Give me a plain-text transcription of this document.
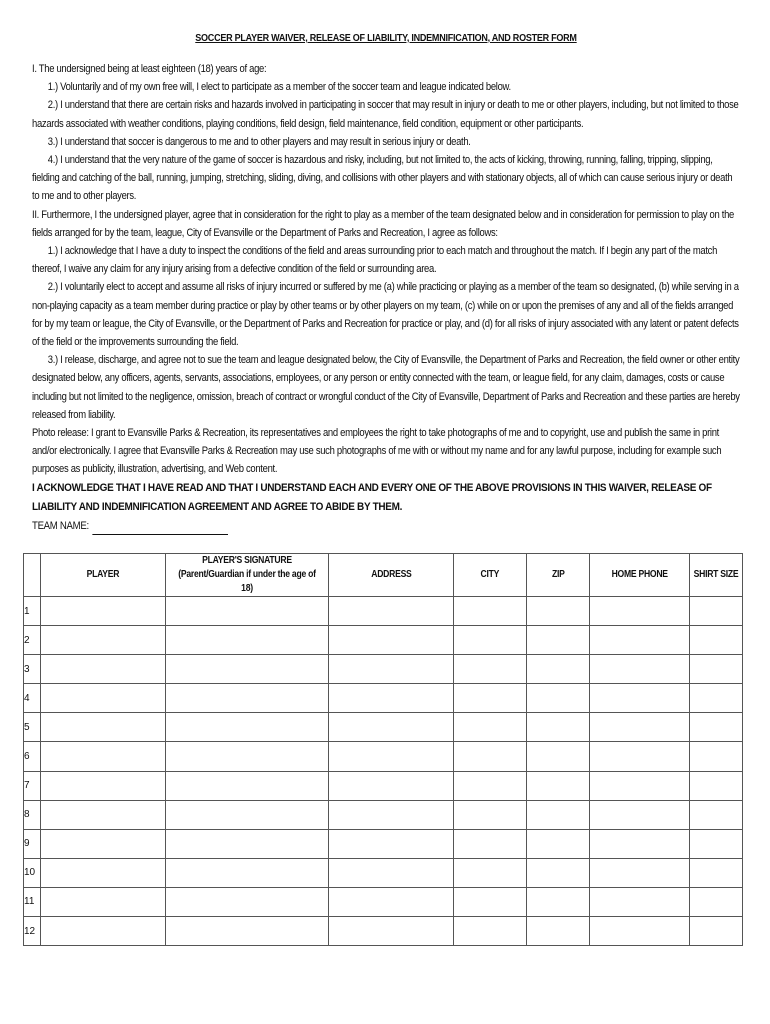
SOCCER PLAYER WAIVER, RELEASE OF LIABILITY, INDEMNIFICATION, AND ROSTER FORM

I. The undersigned being at least eighteen (18) years of age:

1.) Voluntarily and of my own free will, I elect to participate as a member of the soccer team and league indicated below.

2.) I understand that there are certain risks and hazards involved in participating in soccer that may result in injury or death to me or other players, including, but not limited to those hazards associated with weather conditions, playing conditions, field design, field maintenance, field condition, equipment or other participants.

3.) I understand that soccer is dangerous to me and to other players and may result in serious injury or death.

4.) I understand that the very nature of the game of soccer is hazardous and risky, including, but not limited to, the acts of kicking, throwing, running, falling, tripping, slipping, fielding and catching of the ball, running, jumping, stretching, sliding, diving, and collisions with other players and with stationary objects, all of which can cause serious injury or death to me and to other players.

II. Furthermore, I the undersigned player, agree that in consideration for the right to play as a member of the team designated below and in consideration for permission to play on the fields arranged for by the team, league, City of Evansville or the Department of Parks and Recreation, I agree as follows:

1.) I acknowledge that I have a duty to inspect the conditions of the field and areas surrounding prior to each match and throughout the match. If I begin any part of the match thereof, I waive any claim for any injury arising from a defective condition of the field or surrounding area.

2.) I voluntarily elect to accept and assume all risks of injury incurred or suffered by me (a) while practicing or playing as a member of the team so designated, (b) while serving in a non-playing capacity as a team member during practice or play by other teams or by other players on my team, (c) while on or upon the premises of any and all of the fields arranged for by my team or league, the City of Evansville, or the Department of Parks and Recreation for practice or play, and (d) for all risks of injury associated with any latent or patent defects of the field or the improvements surrounding the field.

3.) I release, discharge, and agree not to sue the team and league designated below, the City of Evansville, the Department of Parks and Recreation, the field owner or other entity designated below, any officers, agents, servants, associations, employees, or any person or entity connected with the team, or league field, for any claim, damages, costs or cause including but not limited to the negligence, omission, breach of contract or wrongful conduct of the City of Evansville, Department of Parks and Recreation and these parties are hereby released from liability.

Photo release: I grant to Evansville Parks & Recreation, its representatives and employees the right to take photographs of me and to copyright, use and publish the same in print and/or electronically. I agree that Evansville Parks & Recreation may use such photographs of me with or without my name and for any lawful purpose, including for example such purposes as publicity, illustration, advertising, and Web content.

I ACKNOWLEDGE THAT I HAVE READ AND THAT I UNDERSTAND EACH AND EVERY ONE OF THE ABOVE PROVISIONS IN THIS WAIVER, RELEASE OF LIABILITY AND INDEMNIFICATION AGREEMENT AND AGREE TO ABIDE BY THEM.

TEAM NAME:

	PLAYER	PLAYER'S SIGNATURE
(Parent/Guardian if under the age of 18)	ADDRESS	CITY	ZIP	HOME PHONE	SHIRT SIZE
1							
2							
3							
4							
5							
6							
7							
8							
9							
10							
11							
12							
